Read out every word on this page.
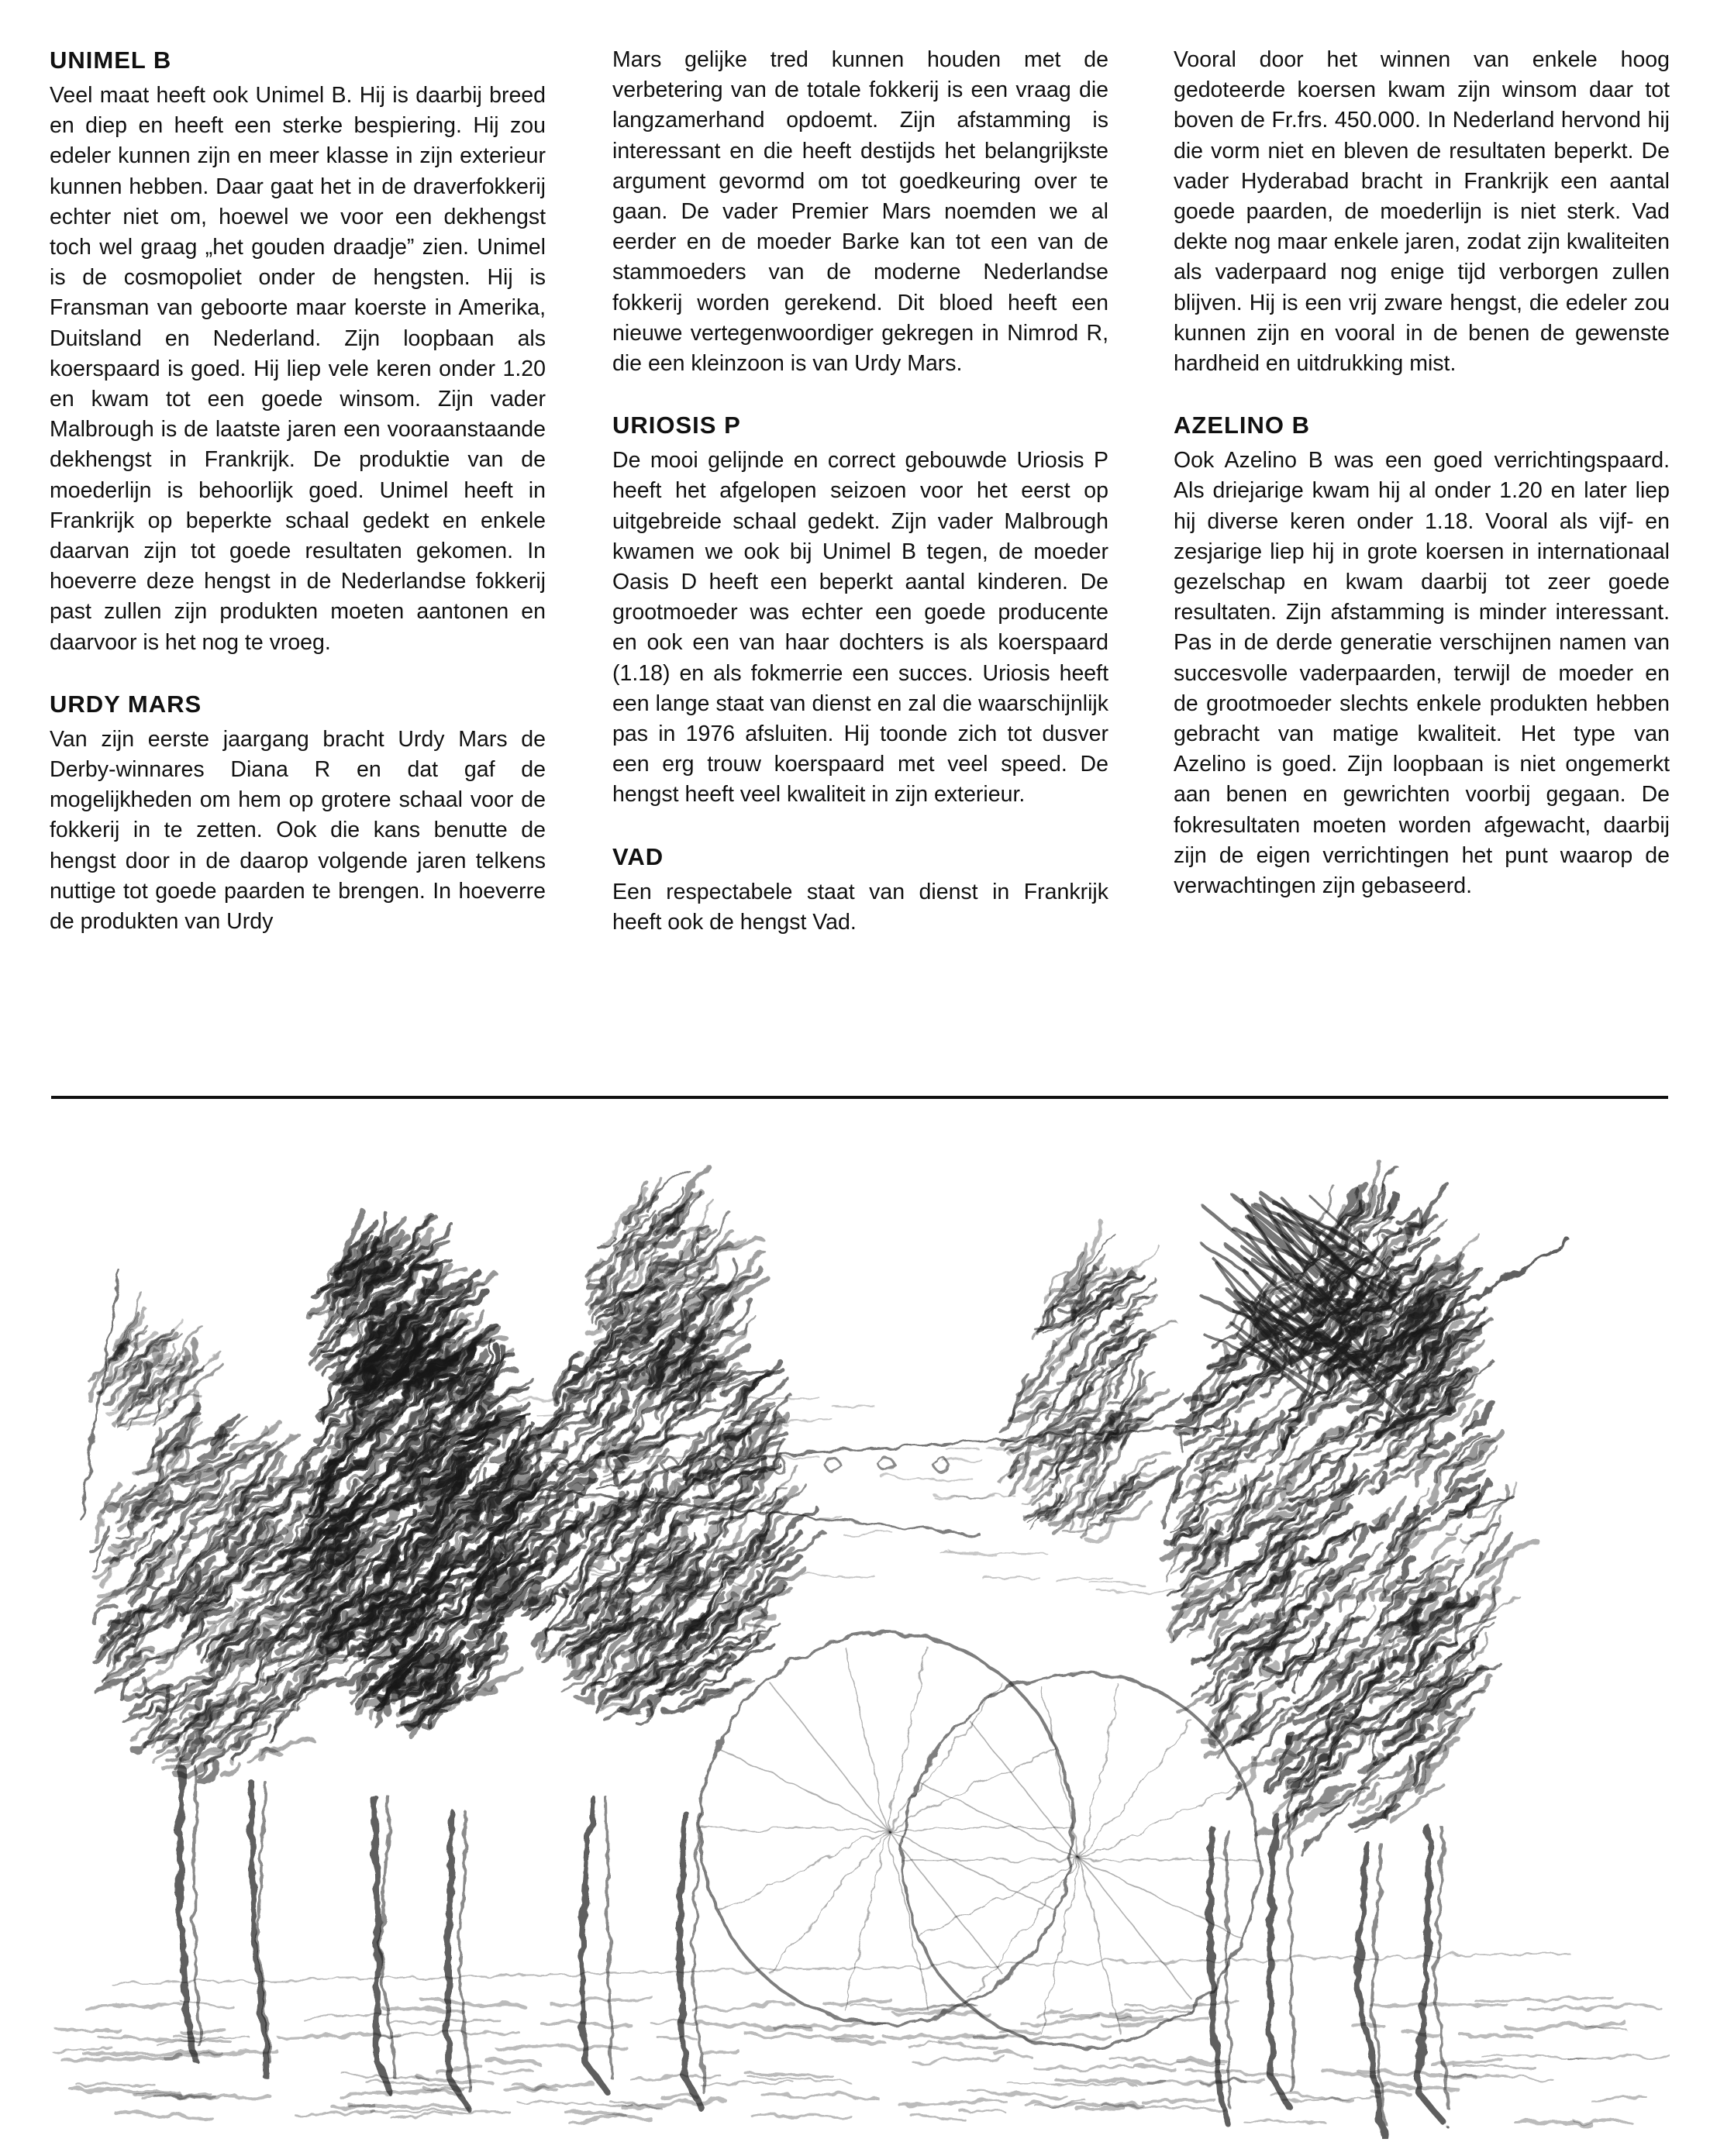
UNIMEL B

Veel maat heeft ook Unimel B. Hij is daarbij breed en diep en heeft een sterke bespiering. Hij zou edeler kunnen zijn en meer klasse in zijn exterieur kunnen hebben. Daar gaat het in de draverfokkerij echter niet om, hoewel we voor een dekhengst toch wel graag „het gouden draadje” zien. Unimel is de cosmopoliet onder de hengsten. Hij is Fransman van geboorte maar koerste in Amerika, Duitsland en Nederland. Zijn loopbaan als koerspaard is goed. Hij liep vele keren onder 1.20 en kwam tot een goede winsom. Zijn vader Malbrough is de laatste jaren een vooraanstaande dekhengst in Frankrijk. De produktie van de moederlijn is behoorlijk goed. Unimel heeft in Frankrijk op beperkte schaal gedekt en enkele daarvan zijn tot goede resultaten gekomen. In hoeverre deze hengst in de Nederlandse fokkerij past zullen zijn produkten moeten aantonen en daarvoor is het nog te vroeg.

URDY MARS

Van zijn eerste jaargang bracht Urdy Mars de Derby-winnares Diana R en dat gaf de mogelijkheden om hem op grotere schaal voor de fokkerij in te zetten. Ook die kans benutte de hengst door in de daarop volgende jaren telkens nuttige tot goede paarden te brengen. In hoeverre de produkten van Urdy

Mars gelijke tred kunnen houden met de verbetering van de totale fokkerij is een vraag die langzamerhand opdoemt. Zijn afstamming is interessant en die heeft destijds het belangrijkste argument gevormd om tot goedkeuring over te gaan. De vader Premier Mars noemden we al eerder en de moeder Barke kan tot een van de stammoeders van de moderne Nederlandse fokkerij worden gerekend. Dit bloed heeft een nieuwe vertegenwoordiger gekregen in Nimrod R, die een kleinzoon is van Urdy Mars.

URIOSIS P

De mooi gelijnde en correct gebouwde Uriosis P heeft het afgelopen seizoen voor het eerst op uitgebreide schaal gedekt. Zijn vader Malbrough kwamen we ook bij Unimel B tegen, de moeder Oasis D heeft een beperkt aantal kinderen. De grootmoeder was echter een goede producente en ook een van haar dochters is als koerspaard (1.18) en als fokmerrie een succes. Uriosis heeft een lange staat van dienst en zal die waarschijnlijk pas in 1976 afsluiten. Hij toonde zich tot dusver een erg trouw koerspaard met veel speed. De hengst heeft veel kwaliteit in zijn exterieur.

VAD

Een respectabele staat van dienst in Frankrijk heeft ook de hengst Vad.

Vooral door het winnen van enkele hoog gedoteerde koersen kwam zijn winsom daar tot boven de Fr.frs. 450.000. In Nederland hervond hij die vorm niet en bleven de resultaten beperkt. De vader Hyderabad bracht in Frankrijk een aantal goede paarden, de moederlijn is niet sterk. Vad dekte nog maar enkele jaren, zodat zijn kwaliteiten als vaderpaard nog enige tijd verborgen zullen blijven. Hij is een vrij zware hengst, die edeler zou kunnen zijn en vooral in de benen de gewenste hardheid en uitdrukking mist.

AZELINO B

Ook Azelino B was een goed verrichtingspaard. Als driejarige kwam hij al onder 1.20 en later liep hij diverse keren onder 1.18. Vooral als vijf- en zesjarige liep hij in grote koersen in internationaal gezelschap en kwam daarbij tot zeer goede resultaten. Zijn afstamming is minder interessant. Pas in de derde generatie verschijnen namen van succesvolle vaderpaarden, terwijl de moeder en de grootmoeder slechts enkele produkten hebben gebracht van matige kwaliteit. Het type van Azelino is goed. Zijn loopbaan is niet ongemerkt aan benen en gewrichten voorbij gegaan. De fokresultaten moeten worden afgewacht, daarbij zijn de eigen verrichtingen het punt waarop de verwachtingen zijn gebaseerd.
